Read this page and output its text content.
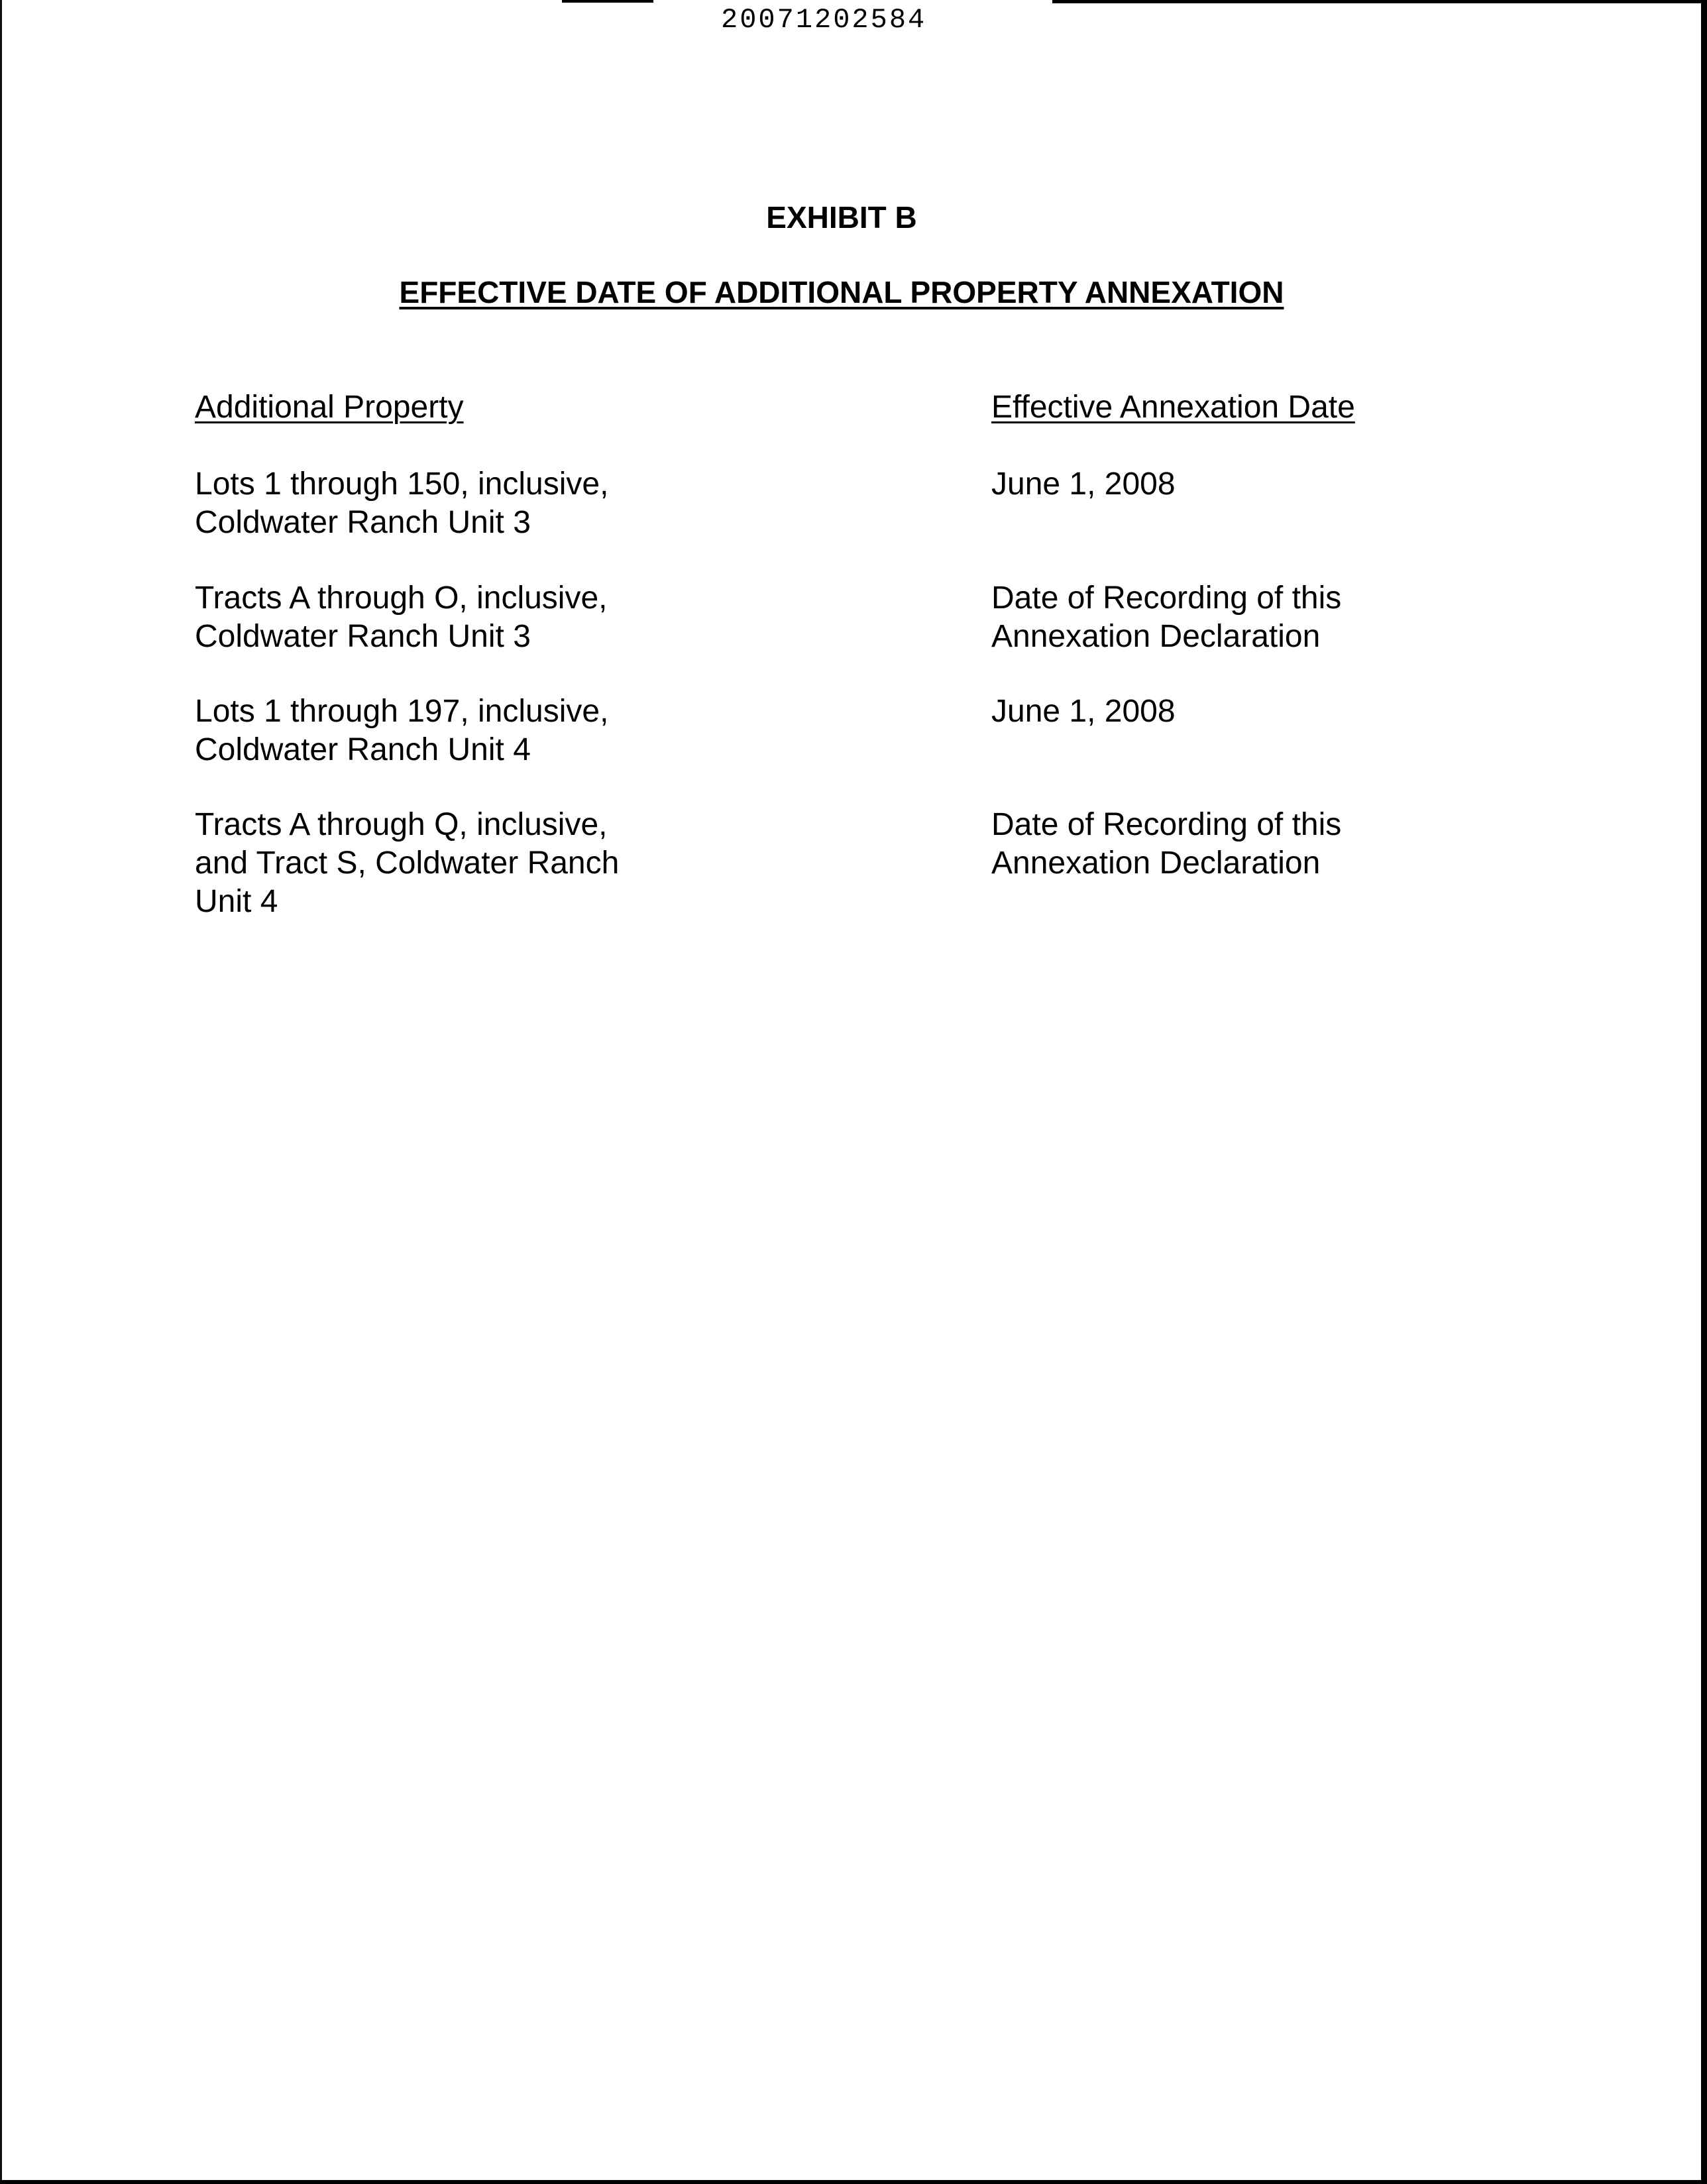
20071202584
EXHIBIT B
EFFECTIVE DATE OF ADDITIONAL PROPERTY ANNEXATION
Additional Property	Effective Annexation Date
Lots 1 through 150, inclusive,
Coldwater Ranch Unit 3
June 1, 2008
Tracts A through O, inclusive,
Coldwater Ranch Unit 3
Date of Recording of this
Annexation Declaration
Lots 1 through 197, inclusive,
Coldwater Ranch Unit 4
June 1, 2008
Tracts A through Q, inclusive,
and Tract S, Coldwater Ranch
Unit 4
Date of Recording of this
Annexation Declaration
